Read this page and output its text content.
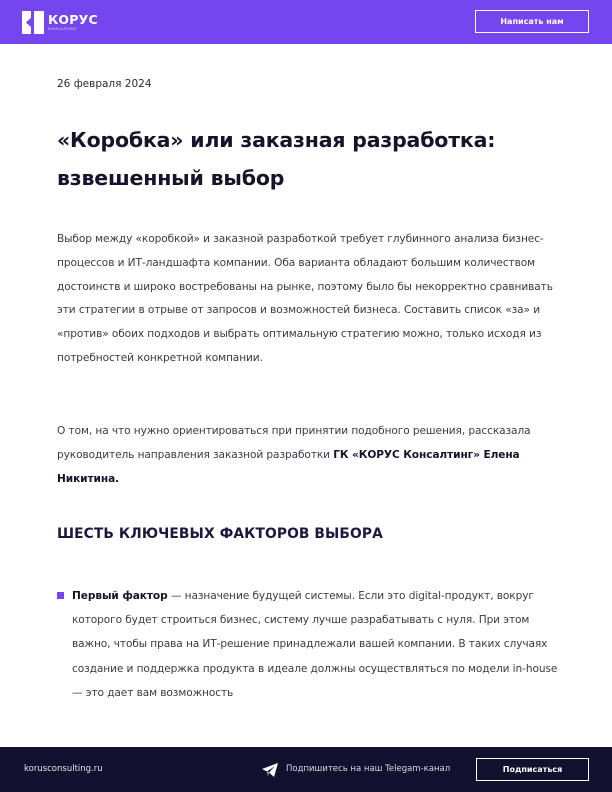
КОРУС
КОНСАЛТИНГ
Написать нам
26 февраля 2024
«Коробка» или заказная разработка: взвешенный выбор

Выбор между «коробкой» и заказной разработкой требует глубинного анализа бизнес-процессов и ИТ-ландшафта компании. Оба варианта обладают большим количеством достоинств и широко востребованы на рынке, поэтому было бы некорректно сравнивать эти стратегии в отрыве от запросов и возможностей бизнеса. Составить список «за» и «против» обоих подходов и выбрать оптимальную стратегию можно, только исходя из потребностей конкретной компании.

О том, на что нужно ориентироваться при принятии подобного решения, рассказала руководитель направления заказной разработки ГК «КОРУС Консалтинг» Елена Никитина.

ШЕСТЬ КЛЮЧЕВЫХ ФАКТОРОВ ВЫБОРА

Первый фактор — назначение будущей системы. Если это digital-продукт, вокруг которого будет строиться бизнес, систему лучше разрабатывать с нуля. При этом важно, чтобы права на ИТ-решение принадлежали вашей компании. В таких случаях создание и поддержка продукта в идеале должны осуществляться по модели in-house — это дает вам возможность

korusconsulting.ru	Подпишитесь на наш Telegam-канал	Подписаться
